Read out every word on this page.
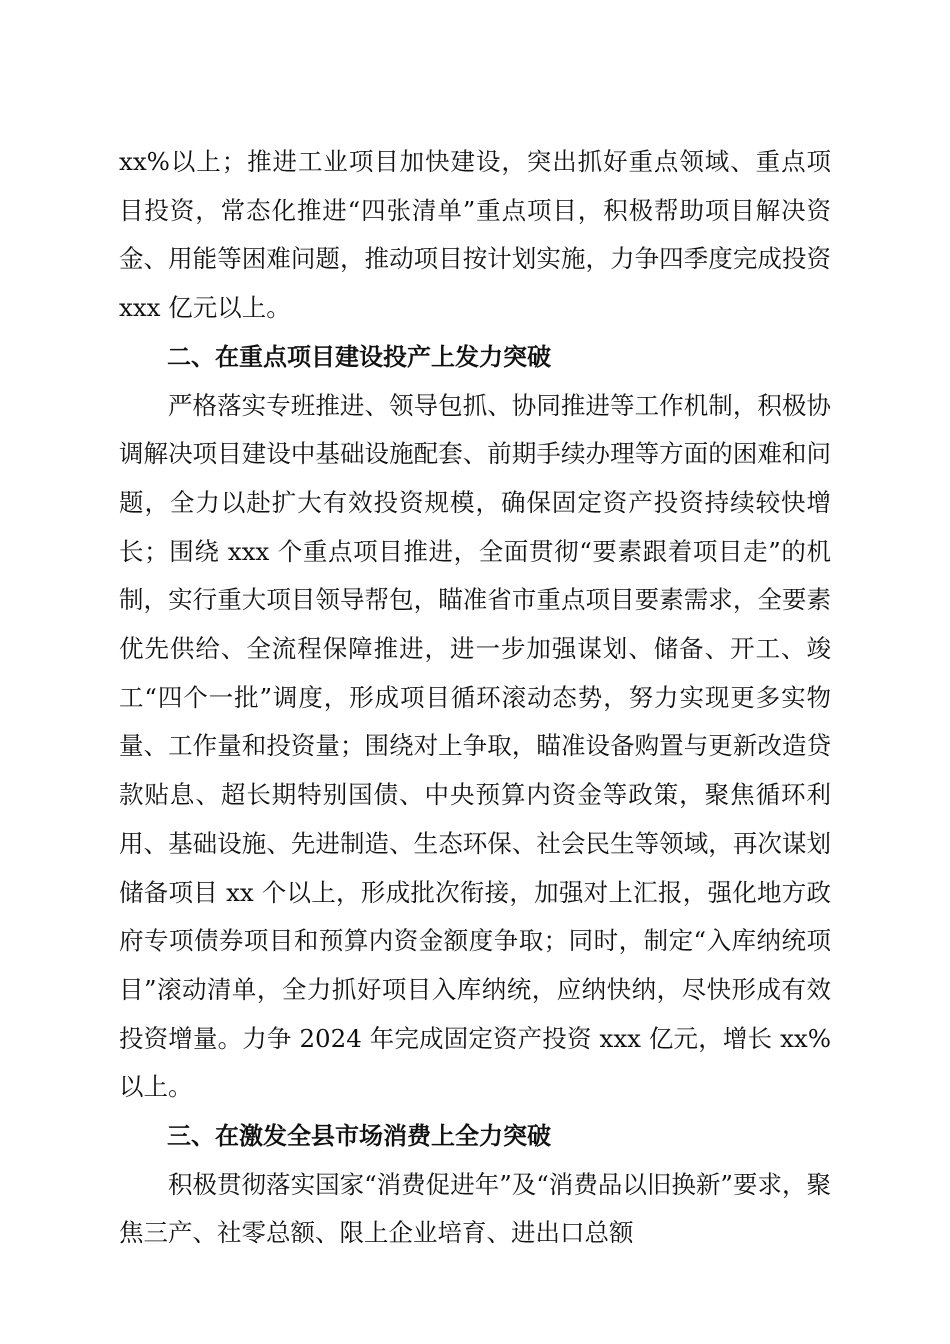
xx%以上；推进工业项目加快建设，突出抓好重点领域、重点项目投资，常态化推进“四张清单”重点项目，积极帮助项目解决资金、用能等困难问题，推动项目按计划实施，力争四季度完成投资 xxx 亿元以上。

二、在重点项目建设投产上发力突破

严格落实专班推进、领导包抓、协同推进等工作机制，积极协调解决项目建设中基础设施配套、前期手续办理等方面的困难和问题，全力以赴扩大有效投资规模，确保固定资产投资持续较快增长；围绕 xxx 个重点项目推进，全面贯彻“要素跟着项目走”的机制，实行重大项目领导帮包，瞄准省市重点项目要素需求，全要素优先供给、全流程保障推进，进一步加强谋划、储备、开工、竣工“四个一批”调度，形成项目循环滚动态势，努力实现更多实物量、工作量和投资量；围绕对上争取，瞄准设备购置与更新改造贷款贴息、超长期特别国债、中央预算内资金等政策，聚焦循环利用、基础设施、先进制造、生态环保、社会民生等领域，再次谋划储备项目 xx 个以上，形成批次衔接，加强对上汇报，强化地方政府专项债券项目和预算内资金额度争取；同时，制定“入库纳统项目”滚动清单，全力抓好项目入库纳统，应纳快纳，尽快形成有效投资增量。力争 2024 年完成固定资产投资 xxx 亿元，增长 xx%以上。

三、在激发全县市场消费上全力突破

积极贯彻落实国家“消费促进年”及“消费品以旧换新”要求，聚焦三产、社零总额、限上企业培育、进出口总额
